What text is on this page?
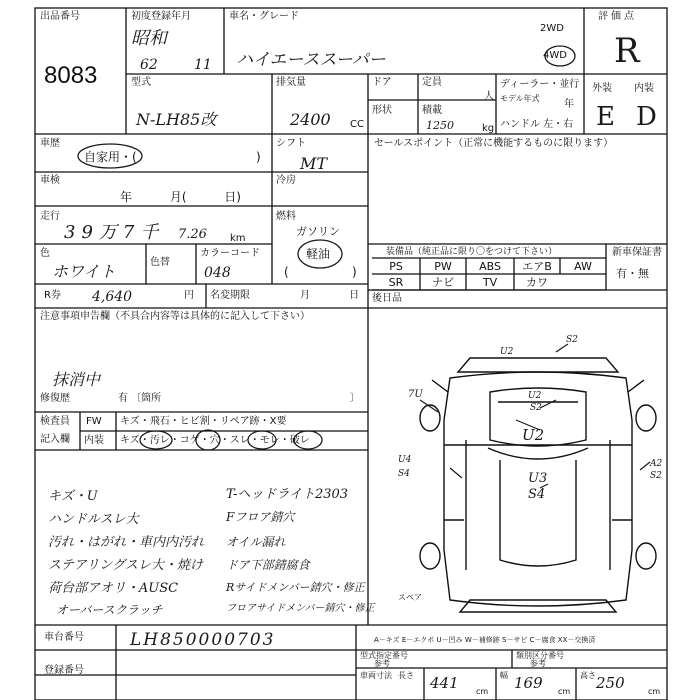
出品番号
8083
初度登録年月
昭和
62	11
車名・グレード
ハイエーススーパー
2WD
4WD
評価点
R
外装 内装
E D
型式
N-LH85改
排気量
2400 CC
ドア	定員
人
形状	積載
1250	kg
ディーラー・並行
モデル年式
年
ハンドル 左・右
車歴
自家用・(	)
シフト
MT
セールスポイント（正常に機能するものに限ります）
車検
年 月( 日)
冷房
走行
39万7千 7.26 km
燃料
ガソリン
軽油
(	)
色
ホワイト	色替
カラーコード
048
R券 4,640	円 名変期限	月 日
装備品（純正品に限り〇をつけて下さい）
PS	PW	ABS	エアB	AW
SR	ナビ	TV	カワ
新車保証書
有・無
後日品
注意事項申告欄（不具合内容等は具体的に記入して下さい）
抹消中
修復歴	有 〔箇所	〕
検査員
記入欄
FW キズ・飛石・ヒビ割・リペア跡・X要
内装 キズ・汚レ・コゲ・穴・スレ・モレ・破レ
キズ・U
ハンドルスレ大
汚れ・はがれ・車内内汚れ
ステアリングスレ大・焼け
荷台部アオリ・AUSC
オーバースクラッチ
T-ヘッドライト2303
Fフロア錆穴
オイル漏れ
ドア下部錆腐食
Rサイドメンバー錆穴・修正
フロアサイドメンバー錆穴・修正
U2
S2
U2
S2
U2
U4
S4	U3
S4
A2
S2
7U
スペア
車台番号	LH850000703
登録番号
A－キズ E－エクボ U－凹み W－補修跡 S－サビ C－腐食 XX－交換済
型式指定番号
参考
類別区分番号
参考
車両寸法 長さ 441 cm
幅 169 cm
高さ 250	cm
